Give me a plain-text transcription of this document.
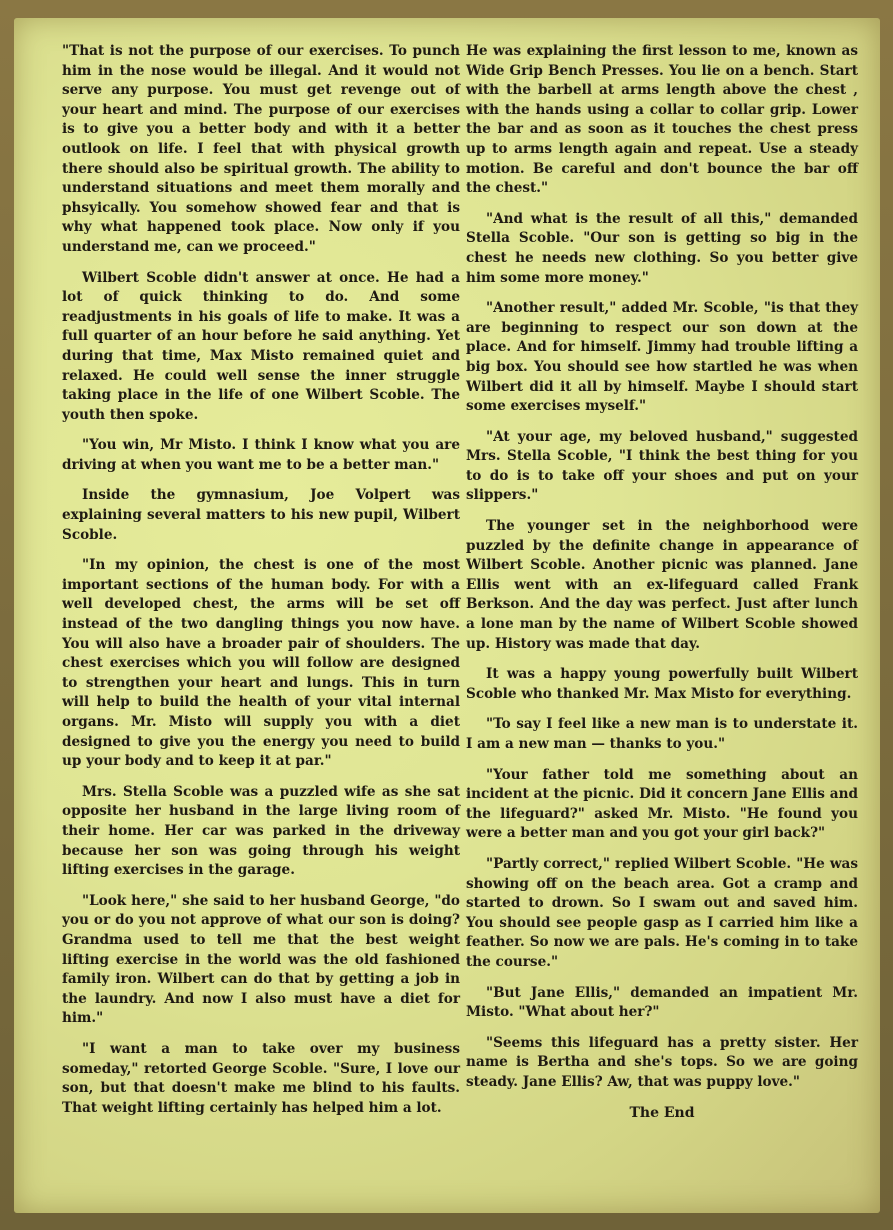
"That is not the purpose of our exercises. To punch him in the nose would be illegal. And it would not serve any purpose. You must get revenge out of your heart and mind. The purpose of our exercises is to give you a better body and with it a better outlook on life. I feel that with physical growth there should also be spiritual growth. The ability to understand situations and meet them morally and phsyically. You somehow showed fear and that is why what happened took place. Now only if you understand me, can we proceed."

Wilbert Scoble didn't answer at once. He had a lot of quick thinking to do. And some readjustments in his goals of life to make. It was a full quarter of an hour before he said anything. Yet during that time, Max Misto remained quiet and relaxed. He could well sense the inner struggle taking place in the life of one Wilbert Scoble. The youth then spoke.

"You win, Mr Misto. I think I know what you are driving at when you want me to be a better man."

Inside the gymnasium, Joe Volpert was explaining several matters to his new pupil, Wilbert Scoble.

"In my opinion, the chest is one of the most important sections of the human body. For with a well developed chest, the arms will be set off instead of the two dangling things you now have. You will also have a broader pair of shoulders. The chest exercises which you will follow are designed to strengthen your heart and lungs. This in turn will help to build the health of your vital internal organs. Mr. Misto will supply you with a diet designed to give you the energy you need to build up your body and to keep it at par."

Mrs. Stella Scoble was a puzzled wife as she sat opposite her husband in the large living room of their home. Her car was parked in the driveway because her son was going through his weight lifting exercises in the garage.

"Look here," she said to her husband George, "do you or do you not approve of what our son is doing? Grandma used to tell me that the best weight lifting exercise in the world was the old fashioned family iron. Wilbert can do that by getting a job in the laundry. And now I also must have a diet for him."

"I want a man to take over my business someday," retorted George Scoble. "Sure, I love our son, but that doesn't make me blind to his faults. That weight lifting certainly has helped him a lot.

He was explaining the first lesson to me, known as Wide Grip Bench Presses. You lie on a bench. Start with the barbell at arms length above the chest , with the hands using a collar to collar grip. Lower the bar and as soon as it touches the chest press up to arms length again and repeat. Use a steady motion. Be careful and don't bounce the bar off the chest."

"And what is the result of all this," demanded Stella Scoble. "Our son is getting so big in the chest he needs new clothing. So you better give him some more money."

"Another result," added Mr. Scoble, "is that they are beginning to respect our son down at the place. And for himself. Jimmy had trouble lifting a big box. You should see how startled he was when Wilbert did it all by himself. Maybe I should start some exercises myself."

"At your age, my beloved husband," suggested Mrs. Stella Scoble, "I think the best thing for you to do is to take off your shoes and put on your slippers."

The younger set in the neighborhood were puzzled by the definite change in appearance of Wilbert Scoble. Another picnic was planned. Jane Ellis went with an ex-lifeguard called Frank Berkson. And the day was perfect. Just after lunch a lone man by the name of Wilbert Scoble showed up. History was made that day.

It was a happy young powerfully built Wilbert Scoble who thanked Mr. Max Misto for everything.

"To say I feel like a new man is to understate it. I am a new man — thanks to you."

"Your father told me something about an incident at the picnic. Did it concern Jane Ellis and the lifeguard?" asked Mr. Misto. "He found you were a better man and you got your girl back?"

"Partly correct," replied Wilbert Scoble. "He was showing off on the beach area. Got a cramp and started to drown. So I swam out and saved him. You should see people gasp as I carried him like a feather. So now we are pals. He's coming in to take the course."

"But Jane Ellis," demanded an impatient Mr. Misto. "What about her?"

"Seems this lifeguard has a pretty sister. Her name is Bertha and she's tops. So we are going steady. Jane Ellis? Aw, that was puppy love."

The End
